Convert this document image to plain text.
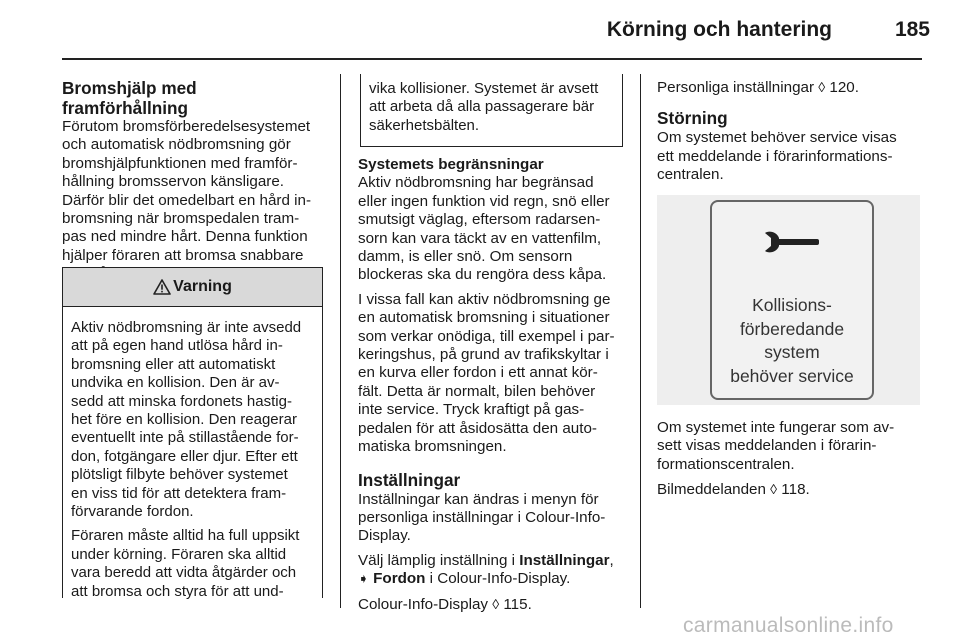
Körning och hantering	185
Bromshjälp med framförhållning

Förutom bromsförberedelsesystemet
och automatisk nödbromsning gör
bromshjälpfunktionen med framför-
hållning bromsservon känsligare.
Därför blir det omedelbart en hård in-
bromsning när bromspedalen tram-
pas ned mindre hårt. Denna funktion
hjälper föraren att bromsa snabbare

Varning

Aktiv nödbromsning är inte avsedd
att på egen hand utlösa hård in-
bromsning eller att automatiskt
undvika en kollision. Den är av-
sedd att minska fordonets hastig-
het före en kollision. Den reagerar
eventuellt inte på stillastående for-
don, fotgängare eller djur. Efter ett
plötsligt filbyte behöver systemet
en viss tid för att detektera fram-
förvarande fordon.

Föraren måste alltid ha full uppsikt
under körning. Föraren ska alltid
vara beredd att vidta åtgärder och
att bromsa och styra för att und-

vika kollisioner. Systemet är avsett
att arbeta då alla passagerare bär
säkerhetsbälten.
Systemets begränsningar

Aktiv nödbromsning har begränsad
eller ingen funktion vid regn, snö eller
smutsigt väglag, eftersom radarsen-
sorn kan vara täckt av en vattenfilm,
damm, is eller snö. Om sensorn
blockeras ska du rengöra dess kåpa.

I vissa fall kan aktiv nödbromsning ge
en automatisk bromsning i situationer
som verkar onödiga, till exempel i par-
keringshus, på grund av trafikskyltar i
en kurva eller fordon i ett annat kör-
fält. Detta är normalt, bilen behöver
inte service. Tryck kraftigt på gas-
pedalen för att åsidosätta den auto-
matiska bromsningen.

Inställningar

Inställningar kan ändras i menyn för
personliga inställningar i Colour-Info-
Display.

Välj lämplig inställning i Inställningar,
➧ Fordon i Colour-Info-Display.

Colour-Info-Display ◊ 115.

Personliga inställningar ◊ 120.

Störning

Om systemet behöver service visas
ett meddelande i förarinformations-
centralen.

Kollisions-
förberedande
system
behöver service

Om systemet inte fungerar som av-
sett visas meddelanden i förarin-
formationscentralen.

Bilmeddelanden ◊ 118.

carmanualsonline.info
